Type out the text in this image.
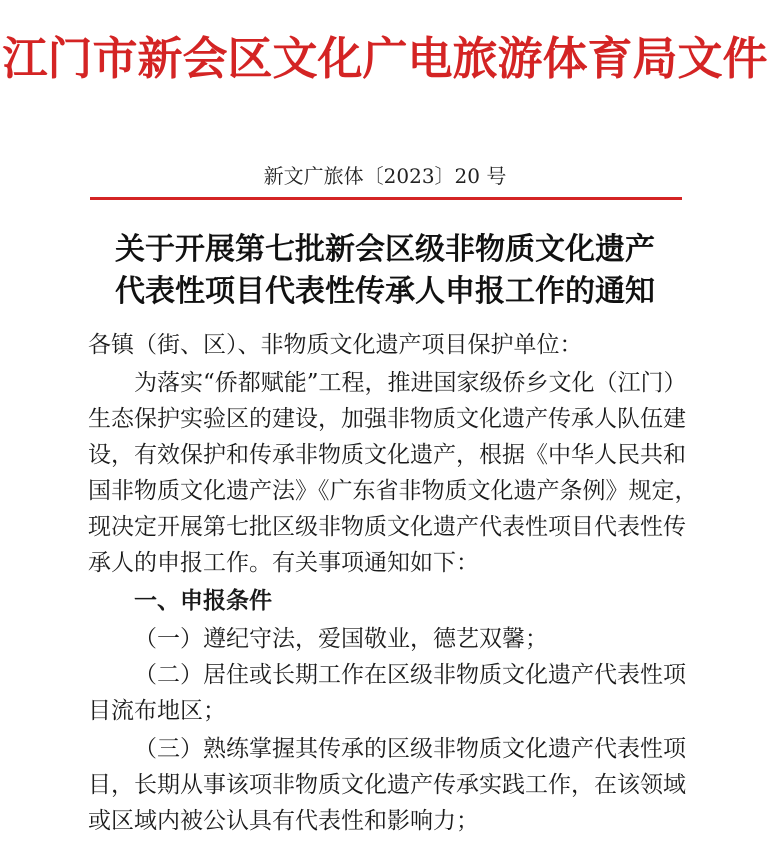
江门市新会区文化广电旅游体育局文件
新文广旅体〔2023〕20 号
关于开展第七批新会区级非物质文化遗产
代表性项目代表性传承人申报工作的通知
各镇（街、区）、非物质文化遗产项目保护单位：
为落实“侨都赋能”工程，推进国家级侨乡文化（江门）
生态保护实验区的建设，加强非物质文化遗产传承人队伍建
设，有效保护和传承非物质文化遗产，根据《中华人民共和
国非物质文化遗产法》《广东省非物质文化遗产条例》规定，
现决定开展第七批区级非物质文化遗产代表性项目代表性传
承人的申报工作。有关事项通知如下：
一、申报条件
（一）遵纪守法，爱国敬业，德艺双馨；
（二）居住或长期工作在区级非物质文化遗产代表性项
目流布地区；
（三）熟练掌握其传承的区级非物质文化遗产代表性项
目，长期从事该项非物质文化遗产传承实践工作，在该领域
或区域内被公认具有代表性和影响力；
